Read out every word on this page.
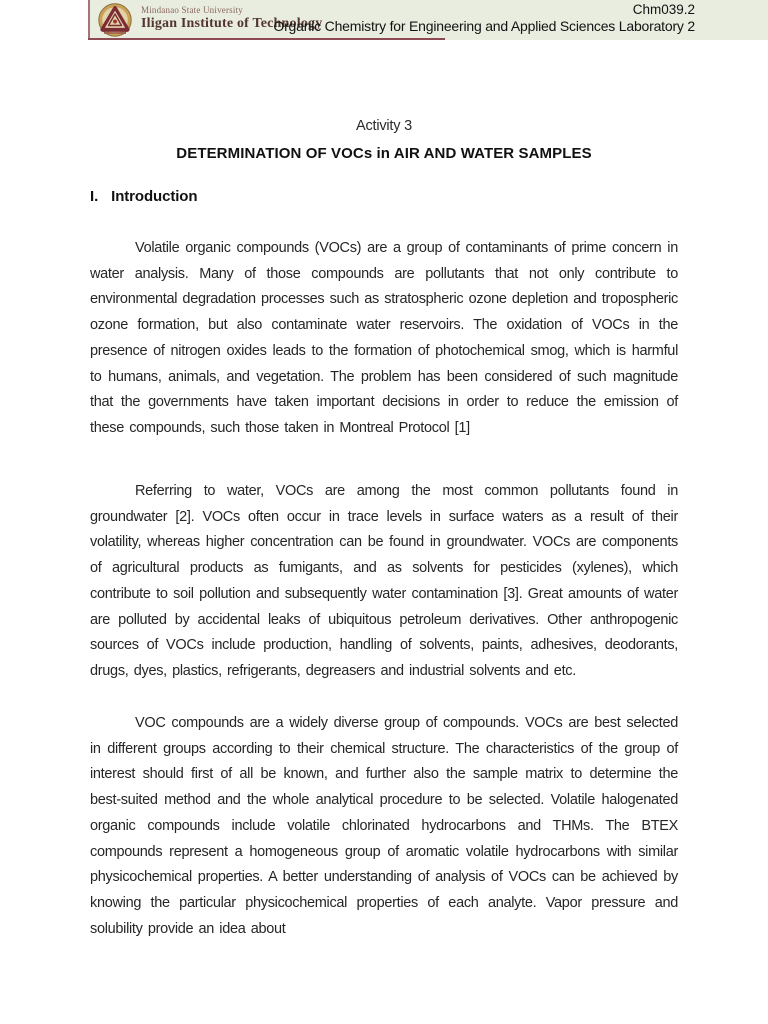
Mindanao State University
Iligan Institute of Technology
Chm039.2
Organic Chemistry for Engineering and Applied Sciences Laboratory 2
Activity 3
DETERMINATION OF VOCs in AIR AND WATER SAMPLES
I. Introduction

Volatile organic compounds (VOCs) are a group of contaminants of prime concern in water analysis. Many of those compounds are pollutants that not only contribute to environmental degradation processes such as stratospheric ozone depletion and tropospheric ozone formation, but also contaminate water reservoirs. The oxidation of VOCs in the presence of nitrogen oxides leads to the formation of photochemical smog, which is harmful to humans, animals, and vegetation. The problem has been considered of such magnitude that the governments have taken important decisions in order to reduce the emission of these compounds, such those taken in Montreal Protocol [1]

Referring to water, VOCs are among the most common pollutants found in groundwater [2]. VOCs often occur in trace levels in surface waters as a result of their volatility, whereas higher concentration can be found in groundwater. VOCs are components of agricultural products as fumigants, and as solvents for pesticides (xylenes), which contribute to soil pollution and subsequently water contamination [3]. Great amounts of water are polluted by accidental leaks of ubiquitous petroleum derivatives. Other anthropogenic sources of VOCs include production, handling of solvents, paints, adhesives, deodorants, drugs, dyes, plastics, refrigerants, degreasers and industrial solvents and etc.

VOC compounds are a widely diverse group of compounds. VOCs are best selected in different groups according to their chemical structure. The characteristics of the group of interest should first of all be known, and further also the sample matrix to determine the best-suited method and the whole analytical procedure to be selected. Volatile halogenated organic compounds include volatile chlorinated hydrocarbons and THMs. The BTEX compounds represent a homogeneous group of aromatic volatile hydrocarbons with similar physicochemical properties. A better understanding of analysis of VOCs can be achieved by knowing the particular physicochemical properties of each analyte. Vapor pressure and solubility provide an idea about
